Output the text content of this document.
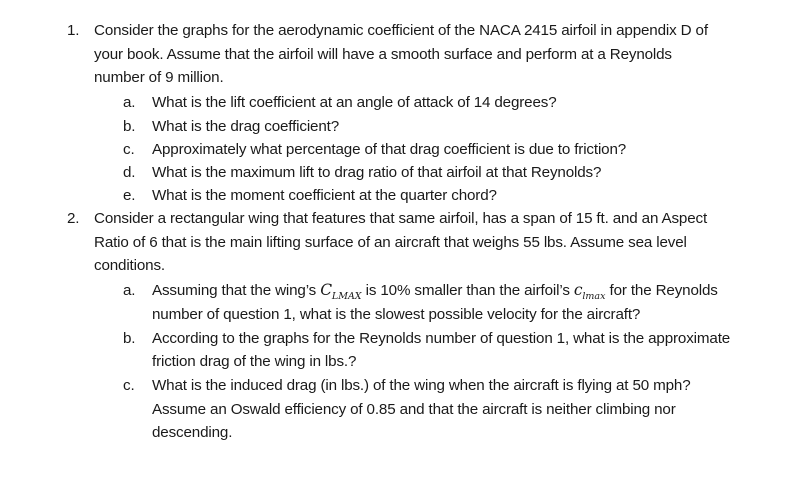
1. Consider the graphs for the aerodynamic coefficient of the NACA 2415 airfoil in appendix D of
your book. Assume that the airfoil will have a smooth surface and perform at a Reynolds
number of 9 million.
a. What is the lift coefficient at an angle of attack of 14 degrees?
b. What is the drag coefficient?
c. Approximately what percentage of that drag coefficient is due to friction?
d. What is the maximum lift to drag ratio of that airfoil at that Reynolds?
e. What is the moment coefficient at the quarter chord?
2. Consider a rectangular wing that features that same airfoil, has a span of 15 ft. and an Aspect
Ratio of 6 that is the main lifting surface of an aircraft that weighs 55 lbs. Assume sea level
conditions.
a. Assuming that the wing’s $C_{LMAX}$ is 10% smaller than the airfoil’s $c_{lmax}$ for the Reynolds
number of question 1, what is the slowest possible velocity for the aircraft?
b. According to the graphs for the Reynolds number of question 1, what is the approximate
friction drag of the wing in lbs.?
c. What is the induced drag (in lbs.) of the wing when the aircraft is flying at 50 mph?
Assume an Oswald efficiency of 0.85 and that the aircraft is neither climbing nor
descending.
